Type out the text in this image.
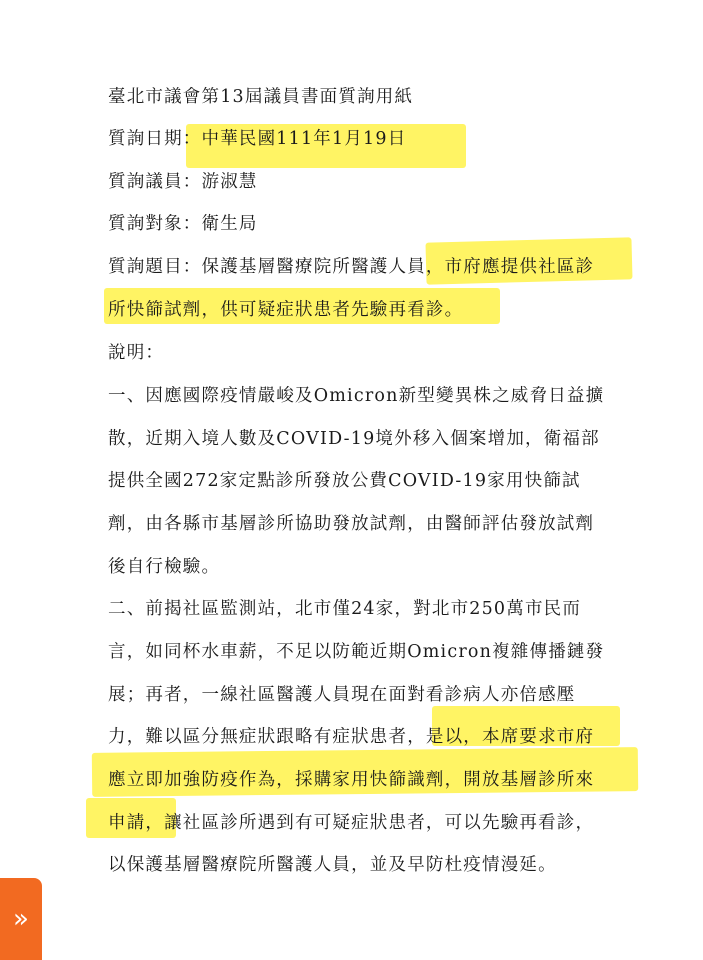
臺北市議會第13屆議員書面質詢用紙
質詢日期：中華民國111年1月19日
質詢議員：游淑慧
質詢對象：衛生局
質詢題目：保護基層醫療院所醫護人員，市府應提供社區診
所快篩試劑，供可疑症狀患者先驗再看診。
說明：
一、因應國際疫情嚴峻及Omicron新型變異株之威脅日益擴
散，近期入境人數及COVID-19境外移入個案增加，衛福部
提供全國272家定點診所發放公費COVID-19家用快篩試
劑，由各縣市基層診所協助發放試劑，由醫師評估發放試劑
後自行檢驗。
二、前揭社區監測站，北市僅24家，對北市250萬市民而
言，如同杯水車薪，不足以防範近期Omicron複雜傳播鏈發
展；再者，一線社區醫護人員現在面對看診病人亦倍感壓
力，難以區分無症狀跟略有症狀患者，是以，本席要求市府
應立即加強防疫作為，採購家用快篩識劑，開放基層診所來
申請，讓社區診所遇到有可疑症狀患者，可以先驗再看診，
以保護基層醫療院所醫護人員，並及早防杜疫情漫延。
»
